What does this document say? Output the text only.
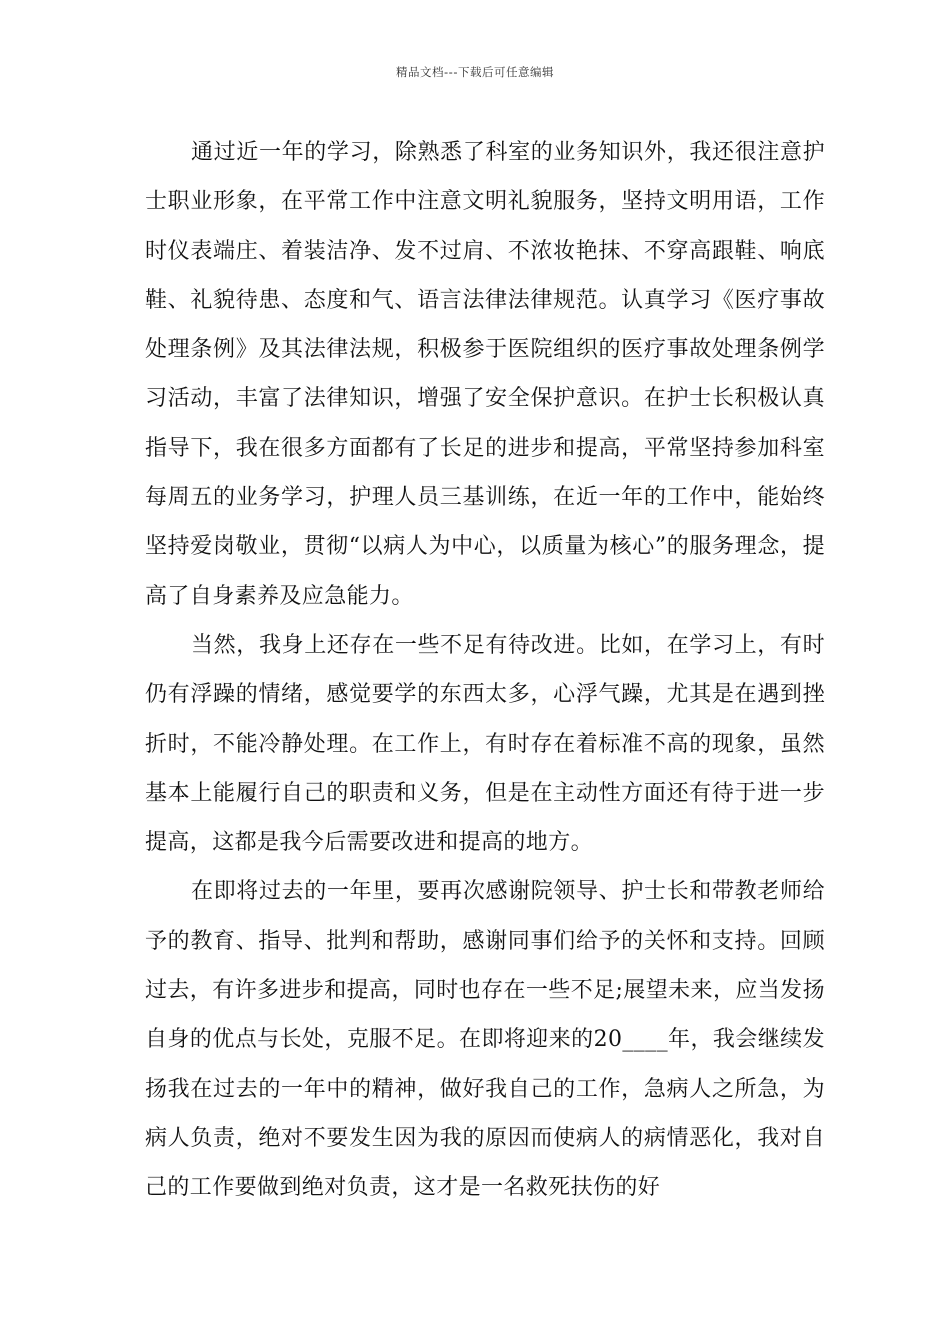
精品文档---下载后可任意编辑

通过近一年的学习，除熟悉了科室的业务知识外，我还很注意护士职业形象，在平常工作中注意文明礼貌服务，坚持文明用语，工作时仪表端庄、着装洁净、发不过肩、不浓妆艳抹、不穿高跟鞋、响底鞋、礼貌待患、态度和气、语言法律法律规范。认真学习《医疗事故处理条例》及其法律法规，积极参于医院组织的医疗事故处理条例学习活动，丰富了法律知识，增强了安全保护意识。在护士长积极认真指导下，我在很多方面都有了长足的进步和提高，平常坚持参加科室每周五的业务学习，护理人员三基训练，在近一年的工作中，能始终坚持爱岗敬业，贯彻“以病人为中心，以质量为核心”的服务理念，提高了自身素养及应急能力。

当然，我身上还存在一些不足有待改进。比如，在学习上，有时仍有浮躁的情绪，感觉要学的东西太多，心浮气躁，尤其是在遇到挫折时，不能冷静处理。在工作上，有时存在着标准不高的现象，虽然基本上能履行自己的职责和义务，但是在主动性方面还有待于进一步提高，这都是我今后需要改进和提高的地方。

在即将过去的一年里，要再次感谢院领导、护士长和带教老师给予的教育、指导、批判和帮助，感谢同事们给予的关怀和支持。回顾过去，有许多进步和提高，同时也存在一些不足;展望未来，应当发扬自身的优点与长处，克服不足。在即将迎来的20____年，我会继续发扬我在过去的一年中的精神，做好我自己的工作，急病人之所急，为病人负责，绝对不要发生因为我的原因而使病人的病情恶化，我对自己的工作要做到绝对负责，这才是一名救死扶伤的好
